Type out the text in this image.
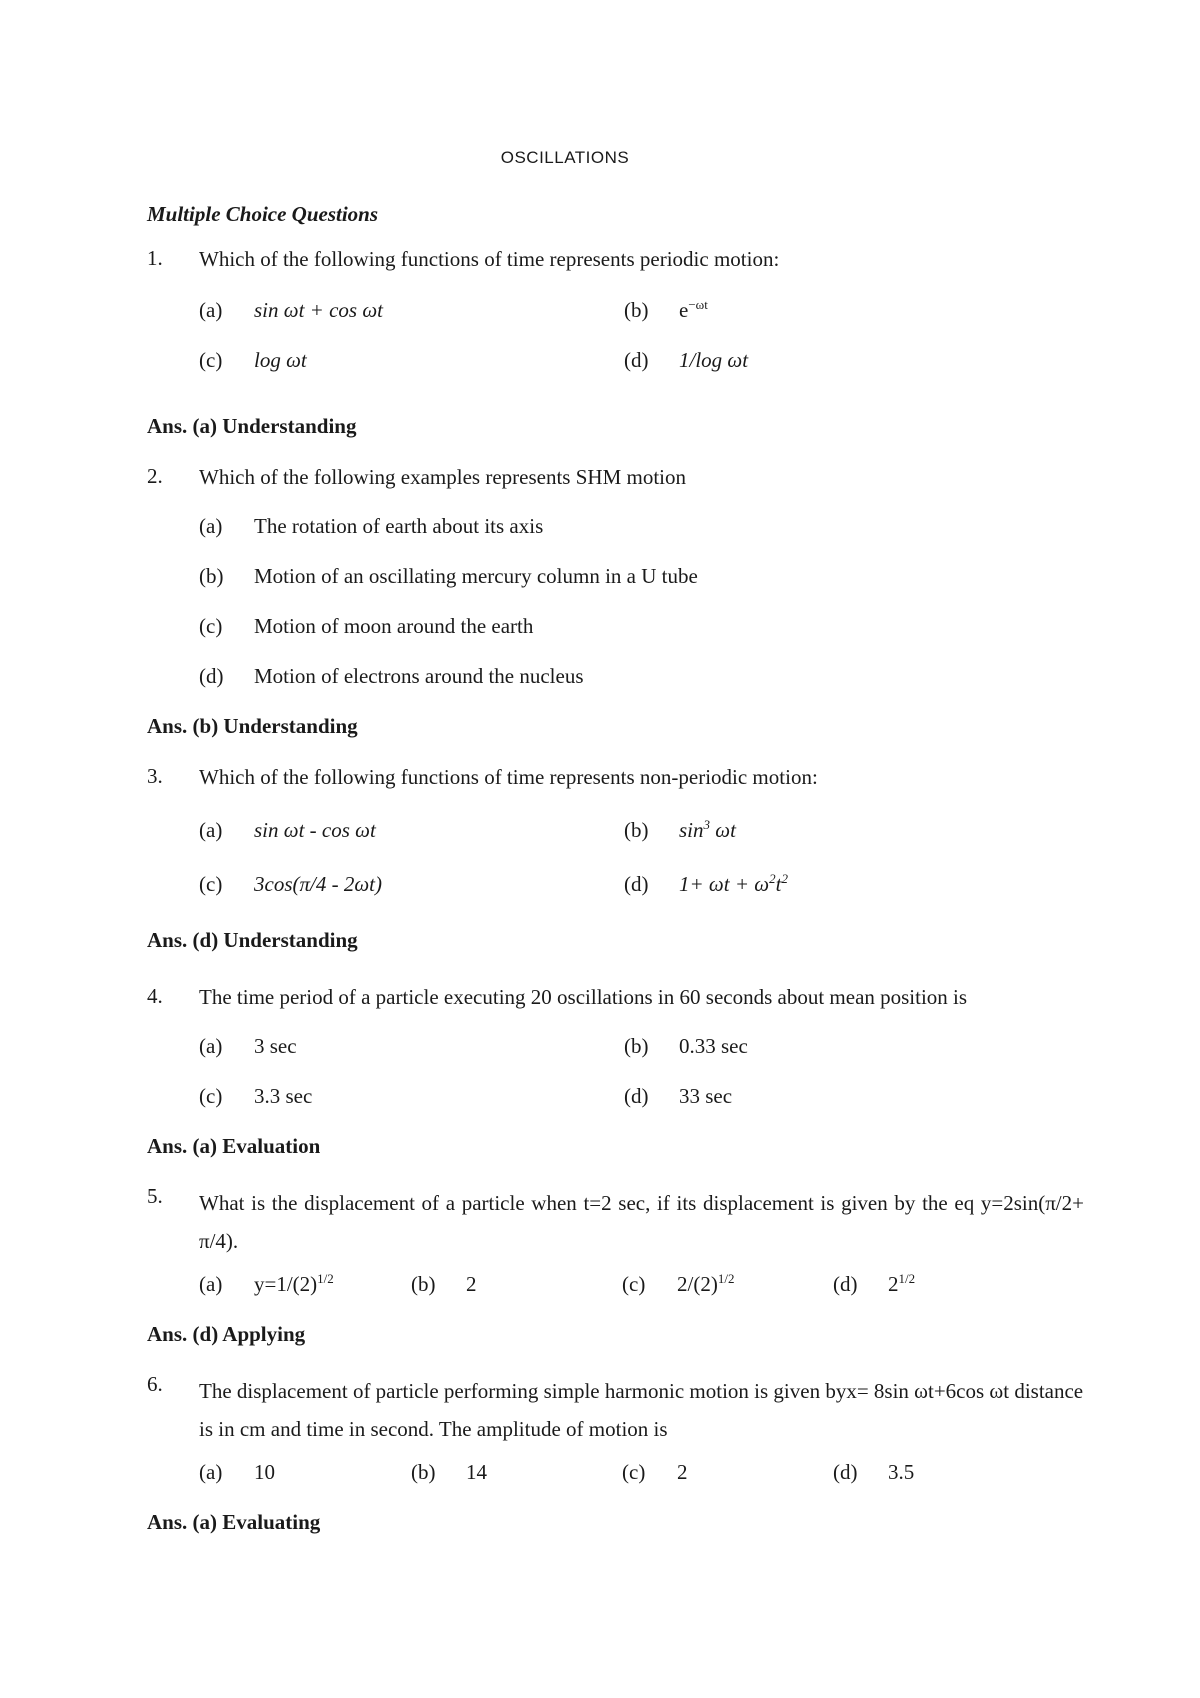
OSCILLATIONS
Multiple Choice Questions
1. Which of the following functions of time represents periodic motion:
(a) sin ωt + cos ωt	(b) $e^{-\omega t}$
(c) log ωt	(d) 1/log ωt
Ans. (a) Understanding
2. Which of the following examples represents SHM motion
(a) The rotation of earth about its axis
(b) Motion of an oscillating mercury column in a U tube
(c) Motion of moon around the earth
(d) Motion of electrons around the nucleus
Ans. (b) Understanding
3. Which of the following functions of time represents non-periodic motion:
(a) sin ωt - cos ωt	(b) $\sin^3 \omega t$
(c) 3cos(π/4 - 2ωt)	(d) $1+ \omega t + \omega^2t^2$
Ans. (d) Understanding
4. The time period of a particle executing 20 oscillations in 60 seconds about mean position is
(a) 3 sec	(b) 0.33 sec
(c) 3.3 sec	(d) 33 sec
Ans. (a) Evaluation
5. What is the displacement of a particle when t=2 sec, if its displacement is given by the eq y=2sin(π/2+ π/4).
(a) $y=1/(2)^{1/2}$	(b) 2	(c) $2/(2)^{1/2}$	(d) $2^{1/2}$
Ans. (d) Applying
6. The displacement of particle performing simple harmonic motion is given byx= 8sin ωt+6cos ωt distance is in cm and time in second. The amplitude of motion is
(a) 10	(b) 14	(c) 2	(d) 3.5
Ans. (a) Evaluating
